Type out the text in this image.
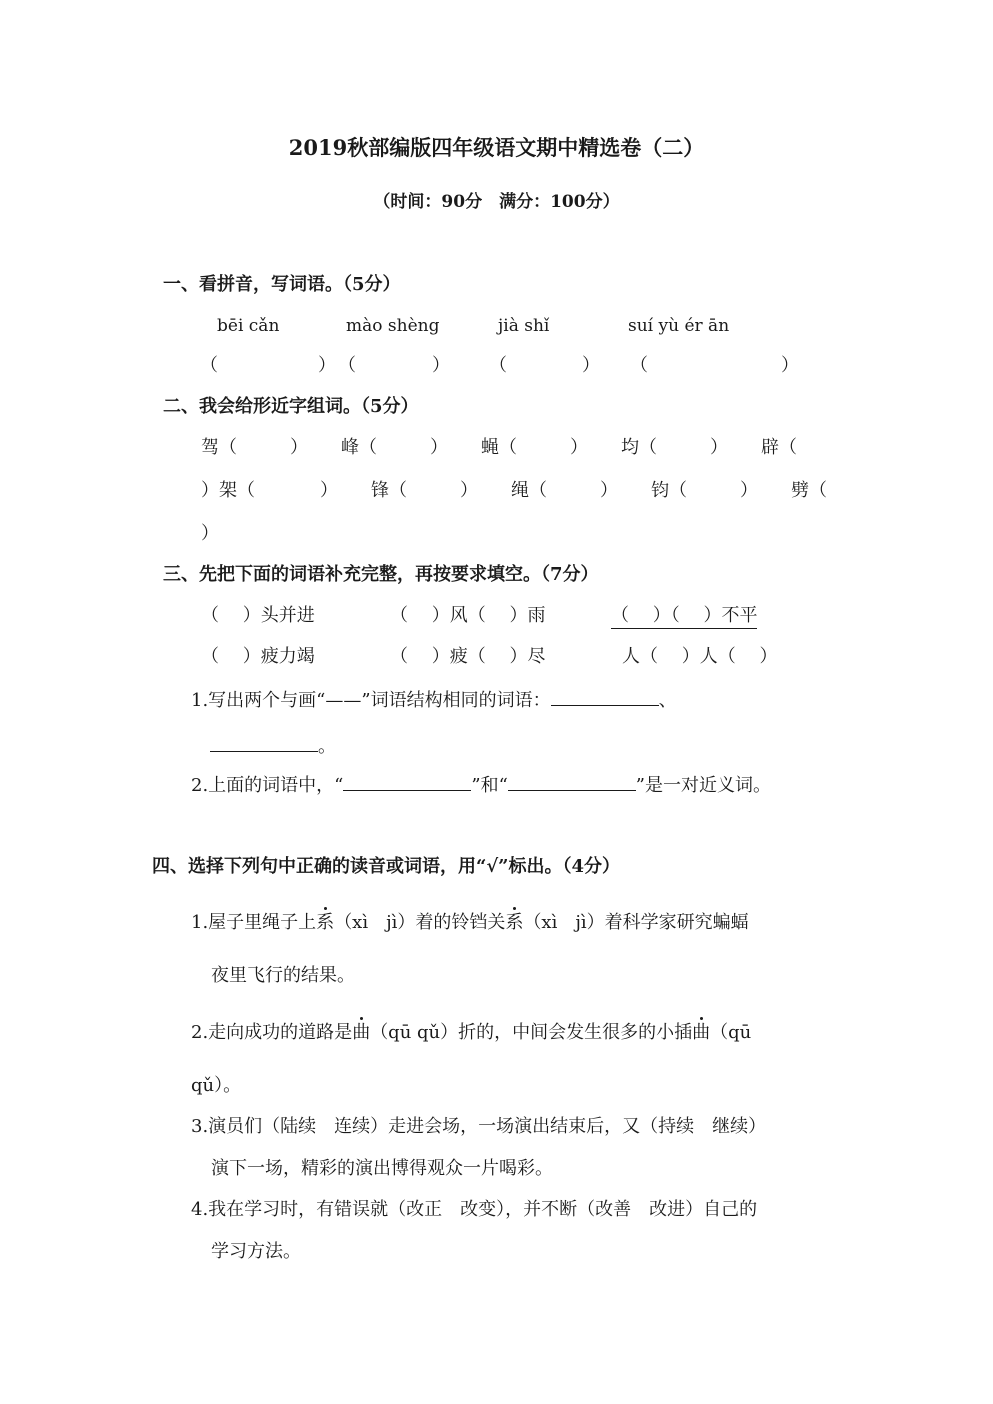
2019秋部编版四年级语文期中精选卷（二）
（时间：90分　满分：100分）
一、看拼音，写词语。（5分）
bēi cǎn	mào shèng	jià shǐ	suí yù ér ān
（	） （	） （	） （	）
二、我会给形近字组词。（5分）
驾（	） 峰（	） 蝇（	） 均（	） 辟（
）架（	） 锋（	） 绳（	） 钧（	） 劈（
）
三、先把下面的词语补充完整，再按要求填空。（7分）
（　 ）头并进	（　 ）风（　 ）雨	（　 ）（　 ）不平
（　 ）疲力竭	（　 ）疲（　 ）尽	人（　 ）人（　 ）
1.写出两个与画“——”词语结构相同的词语：	、
。
2.上面的词语中，“	”和“	”是一对近义词。
四、选择下列句中正确的读音或词语，用“√”标出。（4分）
1.屋子里绳子上系（xì　jì）着的铃铛关系（xì　jì）着科学家研究蝙蝠
夜里飞行的结果。
2.走向成功的道路是曲（qū qǔ）折的，中间会发生很多的小插曲（qū
qǔ）。
3.演员们（陆续　连续）走进会场，一场演出结束后，又（持续　继续）
演下一场，精彩的演出博得观众一片喝彩。
4.我在学习时，有错误就（改正　改变），并不断（改善　改进）自己的
学习方法。
